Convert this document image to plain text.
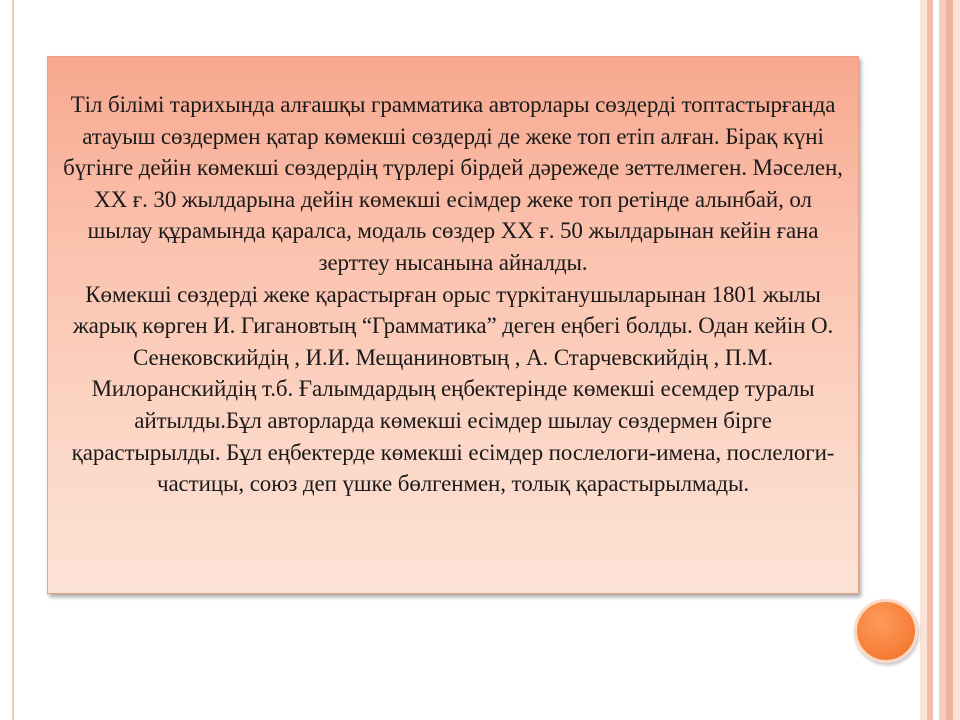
Тіл білімі тарихында алғашқы грамматика авторлары сөздерді топтастырғанда атауыш сөздермен қатар көмекші сөздерді де жеке топ етіп алған. Бірақ күні бүгінге дейін көмекші сөздердің түрлері бірдей дәрежеде зеттелмеген. Мәселен, ХХ ғ. 30 жылдарына дейін көмекші есімдер жеке топ ретінде алынбай, ол шылау құрамында қаралса, модаль сөздер ХХ ғ. 50 жылдарынан кейін ғана зерттеу нысанына айналды.

Көмекші сөздерді жеке қарастырған орыс түркітанушыларынан 1801 жылы жарық көрген И. Гигановтың “Грамматика” деген еңбегі болды. Одан кейін О. Сенековскийдің , И.И. Мещаниновтың , А. Старчевскийдің , П.М. Милоранскийдің т.б. Ғалымдардың еңбектерінде көмекші есемдер туралы айтылды.Бұл авторларда көмекші есімдер шылау сөздермен бірге қарастырылды. Бұл еңбектерде көмекші есімдер послелоги-имена, послелоги-частицы, союз деп үшке бөлгенмен, толық қарастырылмады.
